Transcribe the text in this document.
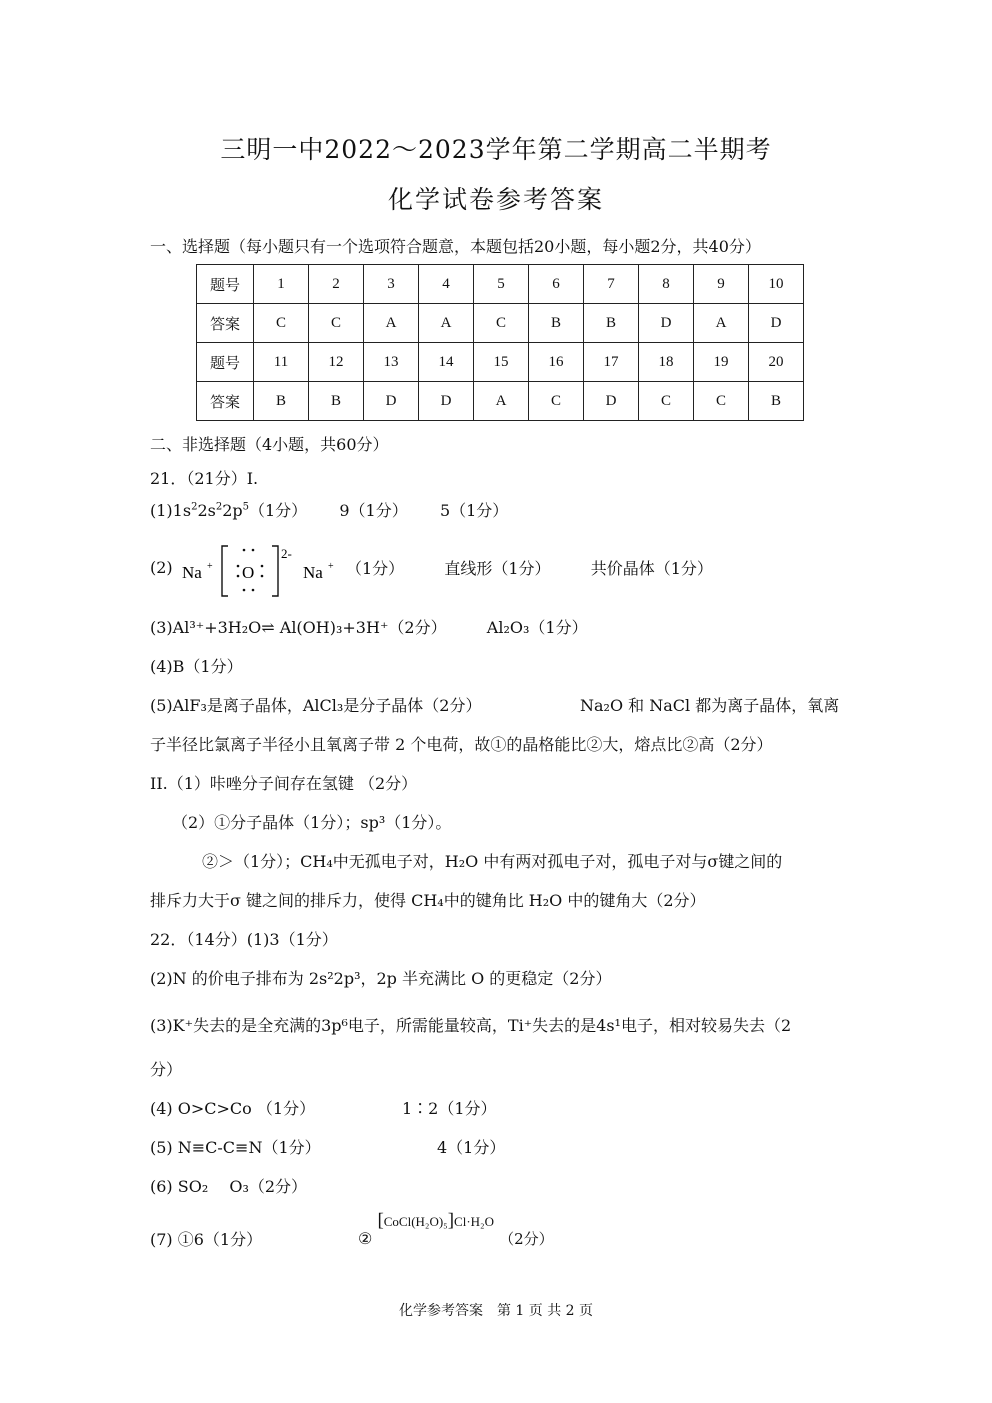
三明一中2022～2023学年第二学期高二半期考
化学试卷参考答案
一、选择题（每小题只有一个选项符合题意，本题包括20小题，每小题2分，共40分）
题号	1	2	3	4	5	6	7	8	9	10
答案	C	C	A	A	C	B	B	D	A	D
题号	11	12	13	14	15	16	17	18	19	20
答案	B	B	D	D	A	C	D	C	C	B
二、非选择题（4小题，共60分）
21．（21分）I.
$(1)1s^22s^22p^5(1$分） 9（1分） 5（1分）
(2) Na + O
2-
Na + （1分）	直线形（1分）	共价晶体（1分）
(3)Al³⁺+3H₂O⇌ Al(OH)₃+3H⁺（2分）	Al₂O₃（1分）
(4)B（1分）
(5)AlF₃是离子晶体，AlCl₃是分子晶体（2分）	Na₂O 和 NaCl 都为离子晶体，氧离
子半径比氯离子半径小且氧离子带 2 个电荷，故①的晶格能比②大，熔点比②高（2分）
II.（1）咔唑分子间存在氢键 （2分）
（2）①分子晶体（1分）；sp³（1分）。
②＞（1分）；CH₄中无孤电子对，H₂O 中有两对孤电子对，孤电子对与σ键之间的
排斥力大于σ 键之间的排斥力，使得 CH₄中的键角比 H₂O 中的键角大（2分）
22．（14分）(1)3（1分）
(2)N 的价电子排布为 2s²2p³，2p 半充满比 O 的更稳定（2分）
(3)K⁺失去的是全充满的3p⁶电子，所需能量较高，Ti⁺失去的是4s¹电子，相对较易失去（2
分）
(4) O>C>Co （1分）	1∶2（1分）
(5) N≡C-C≡N（1分）	4（1分）
(6) SO₂　 O₃（2分）
(7) ①6（1分）	② [CoCl(H₂O)₅]Cl·H₂O （2分）
化学参考答案　第 1 页 共 2 页
